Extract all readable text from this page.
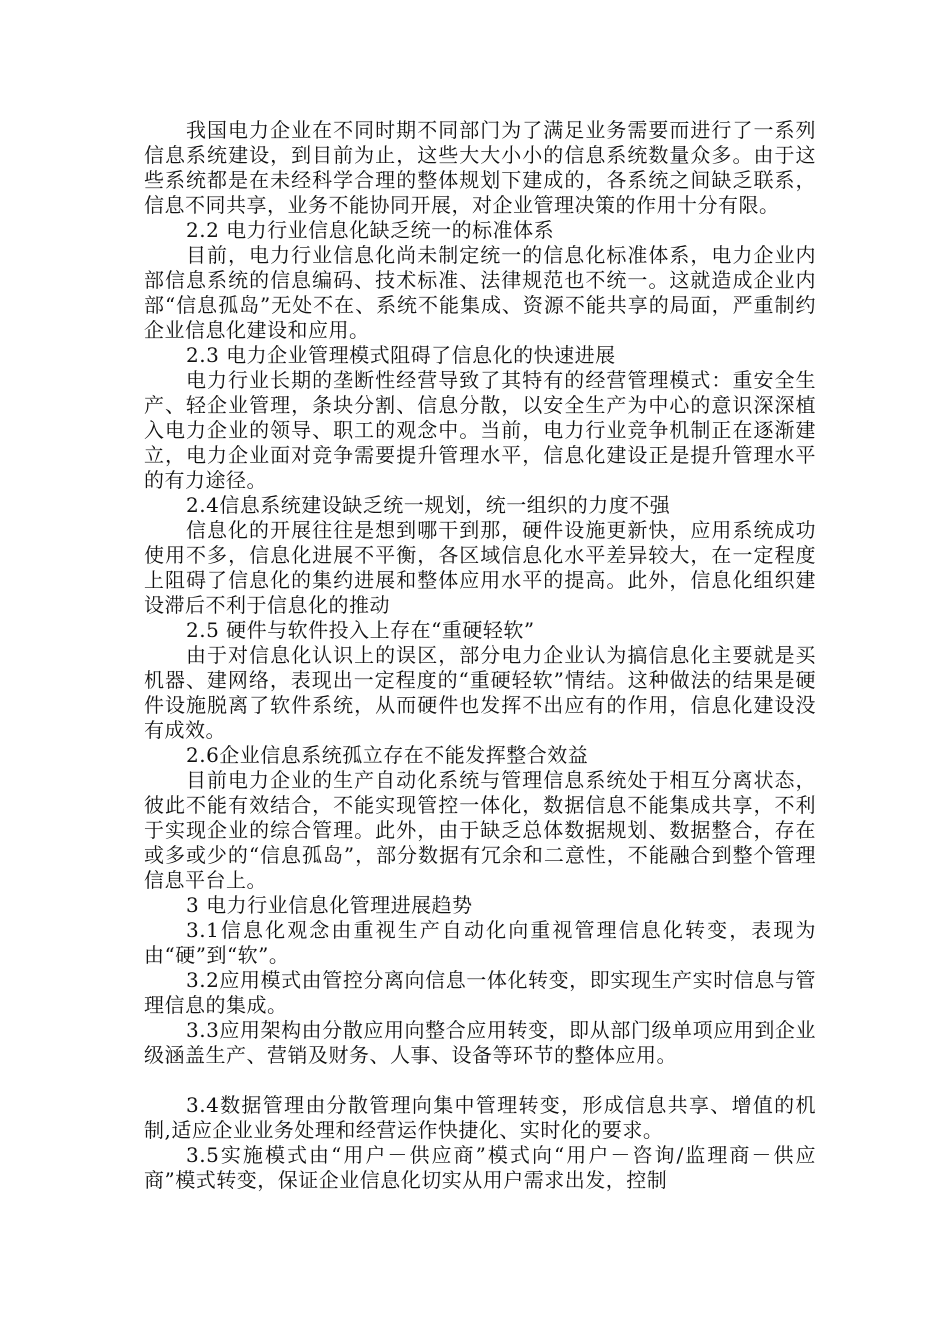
我国电力企业在不同时期不同部门为了满足业务需要而进行了一系列信息系统建设，到目前为止，这些大大小小的信息系统数量众多。由于这些系统都是在未经科学合理的整体规划下建成的，各系统之间缺乏联系，信息不同共享，业务不能协同开展，对企业管理决策的作用十分有限。

2.2 电力行业信息化缺乏统一的标准体系

目前，电力行业信息化尚未制定统一的信息化标准体系，电力企业内部信息系统的信息编码、技术标准、法律规范也不统一。这就造成企业内部“信息孤岛”无处不在、系统不能集成、资源不能共享的局面，严重制约企业信息化建设和应用。

2.3 电力企业管理模式阻碍了信息化的快速进展

电力行业长期的垄断性经营导致了其特有的经营管理模式：重安全生产、轻企业管理，条块分割、信息分散，以安全生产为中心的意识深深植入电力企业的领导、职工的观念中。当前，电力行业竞争机制正在逐渐建立，电力企业面对竞争需要提升管理水平，信息化建设正是提升管理水平的有力途径。

2.4信息系统建设缺乏统一规划，统一组织的力度不强

信息化的开展往往是想到哪干到那，硬件设施更新快，应用系统成功使用不多，信息化进展不平衡，各区域信息化水平差异较大，在一定程度上阻碍了信息化的集约进展和整体应用水平的提高。此外，信息化组织建设滞后不利于信息化的推动

2.5 硬件与软件投入上存在“重硬轻软”

由于对信息化认识上的误区，部分电力企业认为搞信息化主要就是买机器、建网络，表现出一定程度的“重硬轻软”情结。这种做法的结果是硬件设施脱离了软件系统，从而硬件也发挥不出应有的作用，信息化建设没有成效。

2.6企业信息系统孤立存在不能发挥整合效益

目前电力企业的生产自动化系统与管理信息系统处于相互分离状态，彼此不能有效结合，不能实现管控一体化，数据信息不能集成共享，不利于实现企业的综合管理。此外，由于缺乏总体数据规划、数据整合，存在或多或少的“信息孤岛”，部分数据有冗余和二意性，不能融合到整个管理信息平台上。

3 电力行业信息化管理进展趋势

3.1信息化观念由重视生产自动化向重视管理信息化转变，表现为由“硬”到“软”。

3.2应用模式由管控分离向信息一体化转变，即实现生产实时信息与管理信息的集成。

3.3应用架构由分散应用向整合应用转变，即从部门级单项应用到企业级涵盖生产、营销及财务、人事、设备等环节的整体应用。

3.4数据管理由分散管理向集中管理转变，形成信息共享、增值的机制,适应企业业务处理和经营运作快捷化、实时化的要求。

3.5实施模式由“用户－供应商”模式向“用户－咨询/监理商－供应商”模式转变，保证企业信息化切实从用户需求出发，控制
